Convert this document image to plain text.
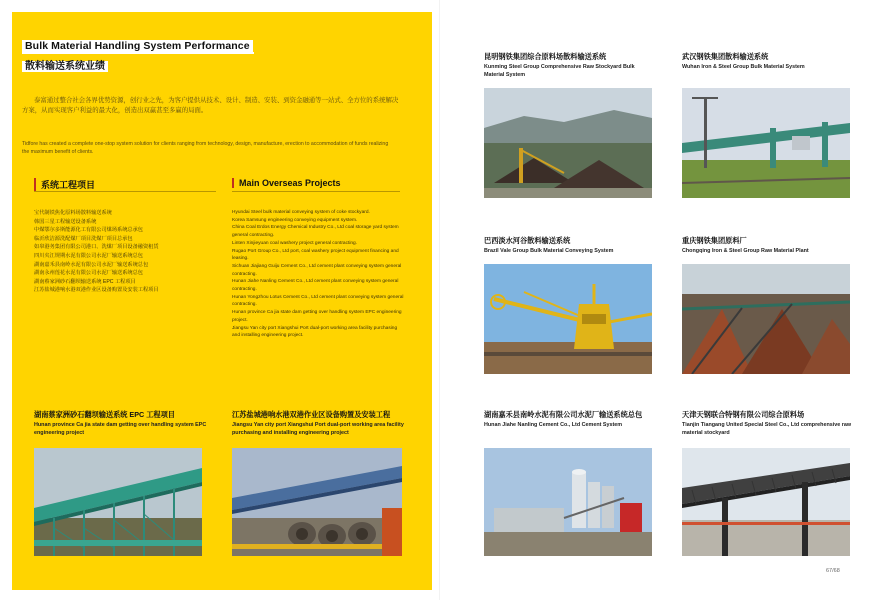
Bulk Material Handling System Performance
散料输送系统业绩

泰富通过整合社会各界优势资源，创行业之先，为客户提供从技术、设计、制造、安装、到资金融通等一站式、全方位的系统解决方案，从而实现客户利益的最大化，创造出双赢甚至多赢的局面。

Tidfore has created a complete one-stop system solution for clients ranging from technology, design, manufacture, erection to accommodation of funds realizing the maximum benefit of clients.

系统工程项目
宝代制铁焦化原料场散料输送系统
韩国三星工程输送设备系统
中煤鄂尔多斯能源化工有限公司煤场系统总承包
临沂欣洁源洗配煤厂项目洗煤厂项目总承包
如皋港务集团有限公司港口、洗煤厂项目设备融资租赁
四川夹江规期水泥有限公司水泥厂输送系统总包
湖南嘉禾县南岭水泥有限公司水泥厂输送系统总包
湖南永州莲花水泥有限公司水泥厂输送系统总包
湖南蔡家洲砂石翻坝输送系统 EPC 工程项目
江苏盐城港响水港双港作业区设备购置及安装工程项目
Main Overseas Projects
Hyundai Steel bulk material conveying system of coke stockyard.
Korea Samsung engineering conveying equipment system.
China Coal Erdos Energy Chemical Industry Co., Ltd coal storage yard system general contracting.
Linten Xinjieyuan coal washery project general contracting.
Rugao Port Group Co., Ltd port, coal washery project equipment financing and leasing.
Sichuan Jiajiang Guiju Cement Co., Ltd cement plant conveying system general contracting.
Hunan Jiahe Nanling Cement Co., Ltd cement plant conveying system general contracting.
Hunan Yongzhou Lotus Cement Co., Ltd cement plant conveying system general contracting.
Hunan province Ca jia state dam getting over handling system EPC engineering project.
Jiangsu Yan city port Xiangshui Port dual-port working area facility purchasing and installing engineering project.
湖南蔡家洲砂石翻坝输送系统 EPC 工程项目
Hunan province Ca jia state dam getting over handling system EPC engineering project
江苏盐城港响水港双港作业区设备购置及安装工程
Jiangsu Yan city port Xiangshui Port dual-port working area facility purchasing and installing engineering project
昆明钢铁集团综合原料场散料输送系统
Kunming Steel Group Comprehensive Raw Stockyard Bulk Material System
武汉钢铁集团散料输送系统
Wuhan Iron & Steel Group Bulk Material System
巴西淡水河谷散料输送系统
Brazil Vale Group Bulk Material Conveying System
重庆钢铁集团原料厂
Chongqing Iron & Steel Group Raw Material Plant
湖南嘉禾县南岭水泥有限公司水泥厂输送系统总包
Hunan Jiahe Nanling Cement Co., Ltd Cement System
天津天钢联合特钢有限公司综合原料场
Tianjin Tiangang United Special Steel Co., Ltd comprehensive raw material stockyard
67/68
